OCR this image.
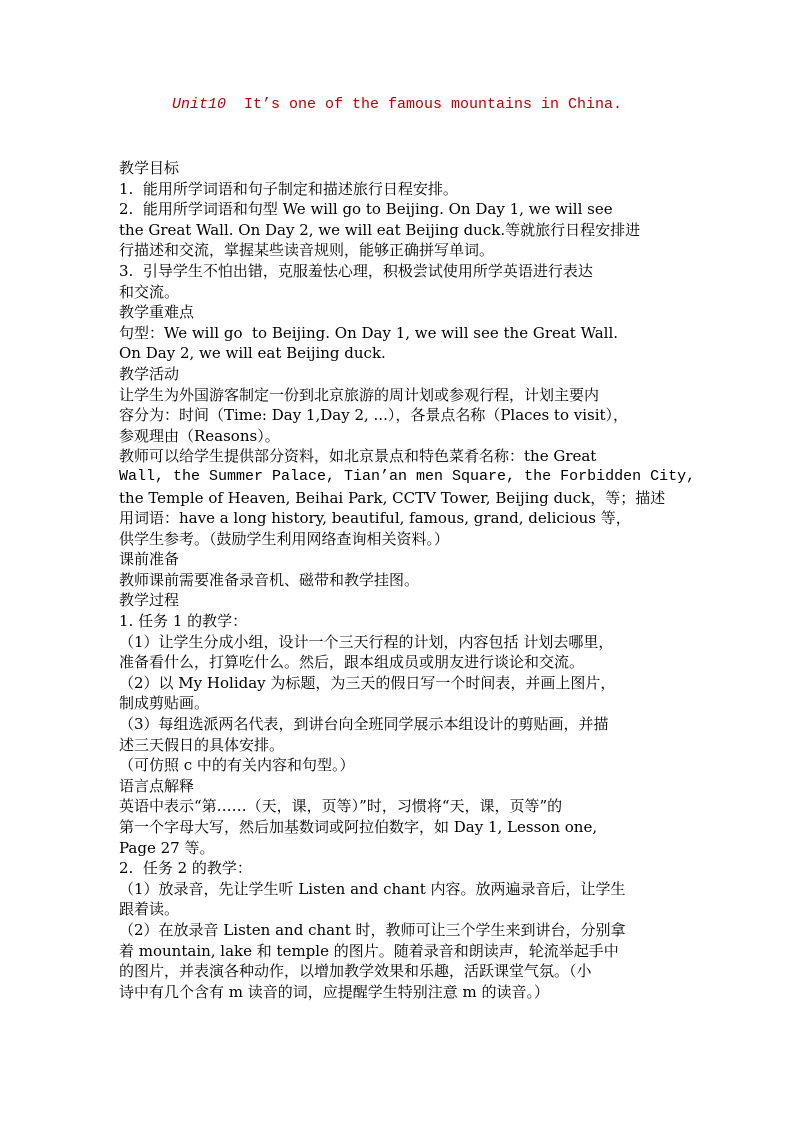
Unit10 It’s one of the famous mountains in China.
教学目标
1.  能用所学词语和句子制定和描述旅行日程安排。
2.  能用所学词语和句型 We will go to Beijing. On Day 1, we will see
the Great Wall. On Day 2, we will eat Beijing duck.等就旅行日程安排进
行描述和交流，掌握某些读音规则，能够正确拼写单词。
3.  引导学生不怕出错，克服羞怯心理，积极尝试使用所学英语进行表达
和交流。
教学重难点
句型：We will go  to Beijing. On Day 1, we will see the Great Wall.
On Day 2, we will eat Beijing duck.
教学活动
让学生为外国游客制定一份到北京旅游的周计划或参观行程，计划主要内
容分为：时间（Time: Day 1,Day 2, ...），各景点名称（Places to visit），
参观理由（Reasons）。
教师可以给学生提供部分资料，如北京景点和特色菜肴名称：the Great
Wall, the Summer Palace, Tian’an men Square, the Forbidden City,
the Temple of Heaven, Beihai Park, CCTV Tower, Beijing duck，等；描述
用词语：have a long history, beautiful, famous, grand, delicious 等，
供学生参考。（鼓励学生利用网络查询相关资料。）
课前准备
教师课前需要准备录音机、磁带和教学挂图。
教学过程
1. 任务 1 的教学：
（1）让学生分成小组，设计一个三天行程的计划，内容包括 计划去哪里，
准备看什么，打算吃什么。然后，跟本组成员或朋友进行谈论和交流。
（2）以 My Holiday 为标题，为三天的假日写一个时间表，并画上图片，
制成剪贴画。
（3）每组选派两名代表，到讲台向全班同学展示本组设计的剪贴画，并描
述三天假日的具体安排。
（可仿照 c 中的有关内容和句型。）
语言点解释
英语中表示“第……（天，课，页等）”时，习惯将“天，课，页等”的
第一个字母大写，然后加基数词或阿拉伯数字，如 Day 1, Lesson one,
Page 27 等。
2.  任务 2 的教学：
（1）放录音，先让学生听 Listen and chant 内容。放两遍录音后，让学生
跟着读。
（2）在放录音 Listen and chant 时，教师可让三个学生来到讲台，分别拿
着 mountain, lake 和 temple 的图片。随着录音和朗读声，轮流举起手中
的图片，并表演各种动作，以增加教学效果和乐趣，活跃课堂气氛。（小
诗中有几个含有 m 读音的词，应提醒学生特别注意 m 的读音。）
